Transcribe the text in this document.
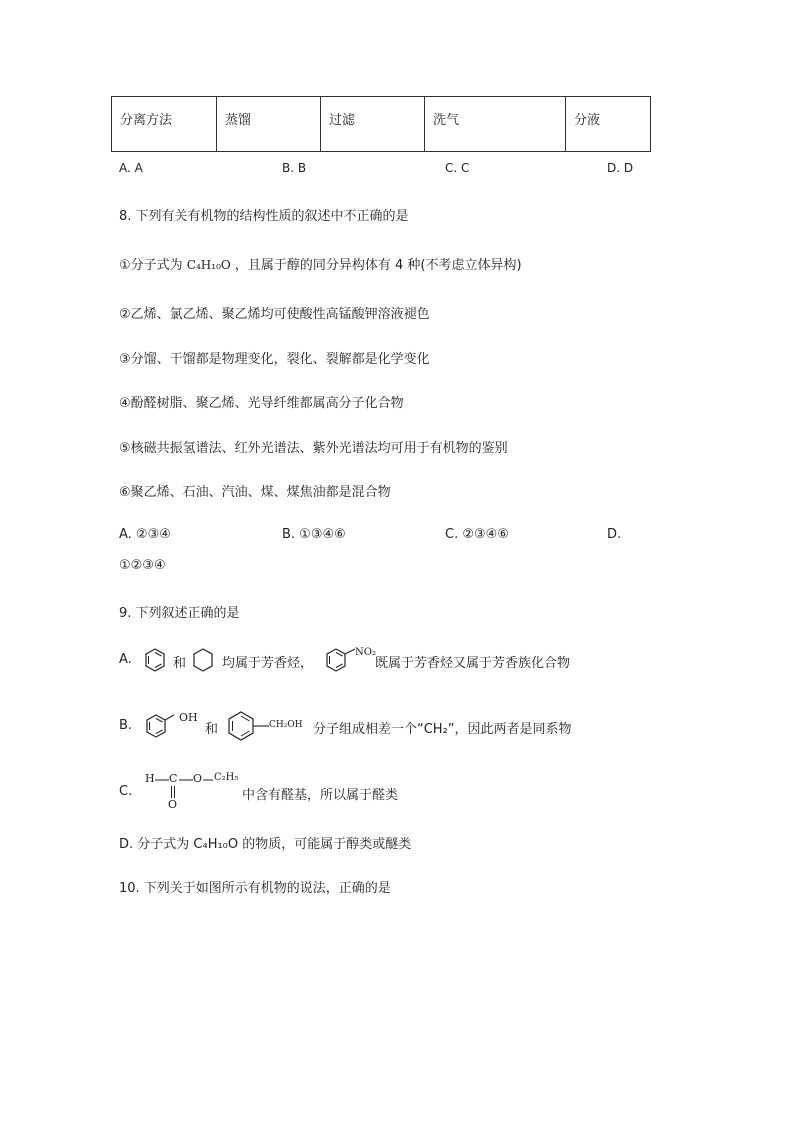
分离方法	蒸馏	过滤	洗气	分液
A. A	B. B	C. C	D. D
8. 下列有关有机物的结构性质的叙述中不正确的是
①分子式为 C₄H₁₀O ，且属于醇的同分异构体有 4 种(不考虑立体异构)
②乙烯、氯乙烯、聚乙烯均可使酸性高锰酸钾溶液褪色
③分馏、干馏都是物理变化，裂化、裂解都是化学变化
④酚醛树脂、聚乙烯、光导纤维都属高分子化合物
⑤核磁共振氢谱法、红外光谱法、紫外光谱法均可用于有机物的鉴别
⑥聚乙烯、石油、汽油、煤、煤焦油都是混合物
A. ②③④	B. ①③④⑥	C. ②③④⑥	D.
①②③④
9. 下列叙述正确的是
A.	和	均属于芳香烃，
NO₂
既属于芳香烃又属于芳香族化合物
B.
OH
和	CH₂OH 分子组成相差一个“CH₂”，因此两者是同系物
C.
H C O C₂H₅
O
中含有醛基，所以属于醛类
D. 分子式为 C₄H₁₀O 的物质，可能属于醇类或醚类
10. 下列关于如图所示有机物的说法，正确的是
